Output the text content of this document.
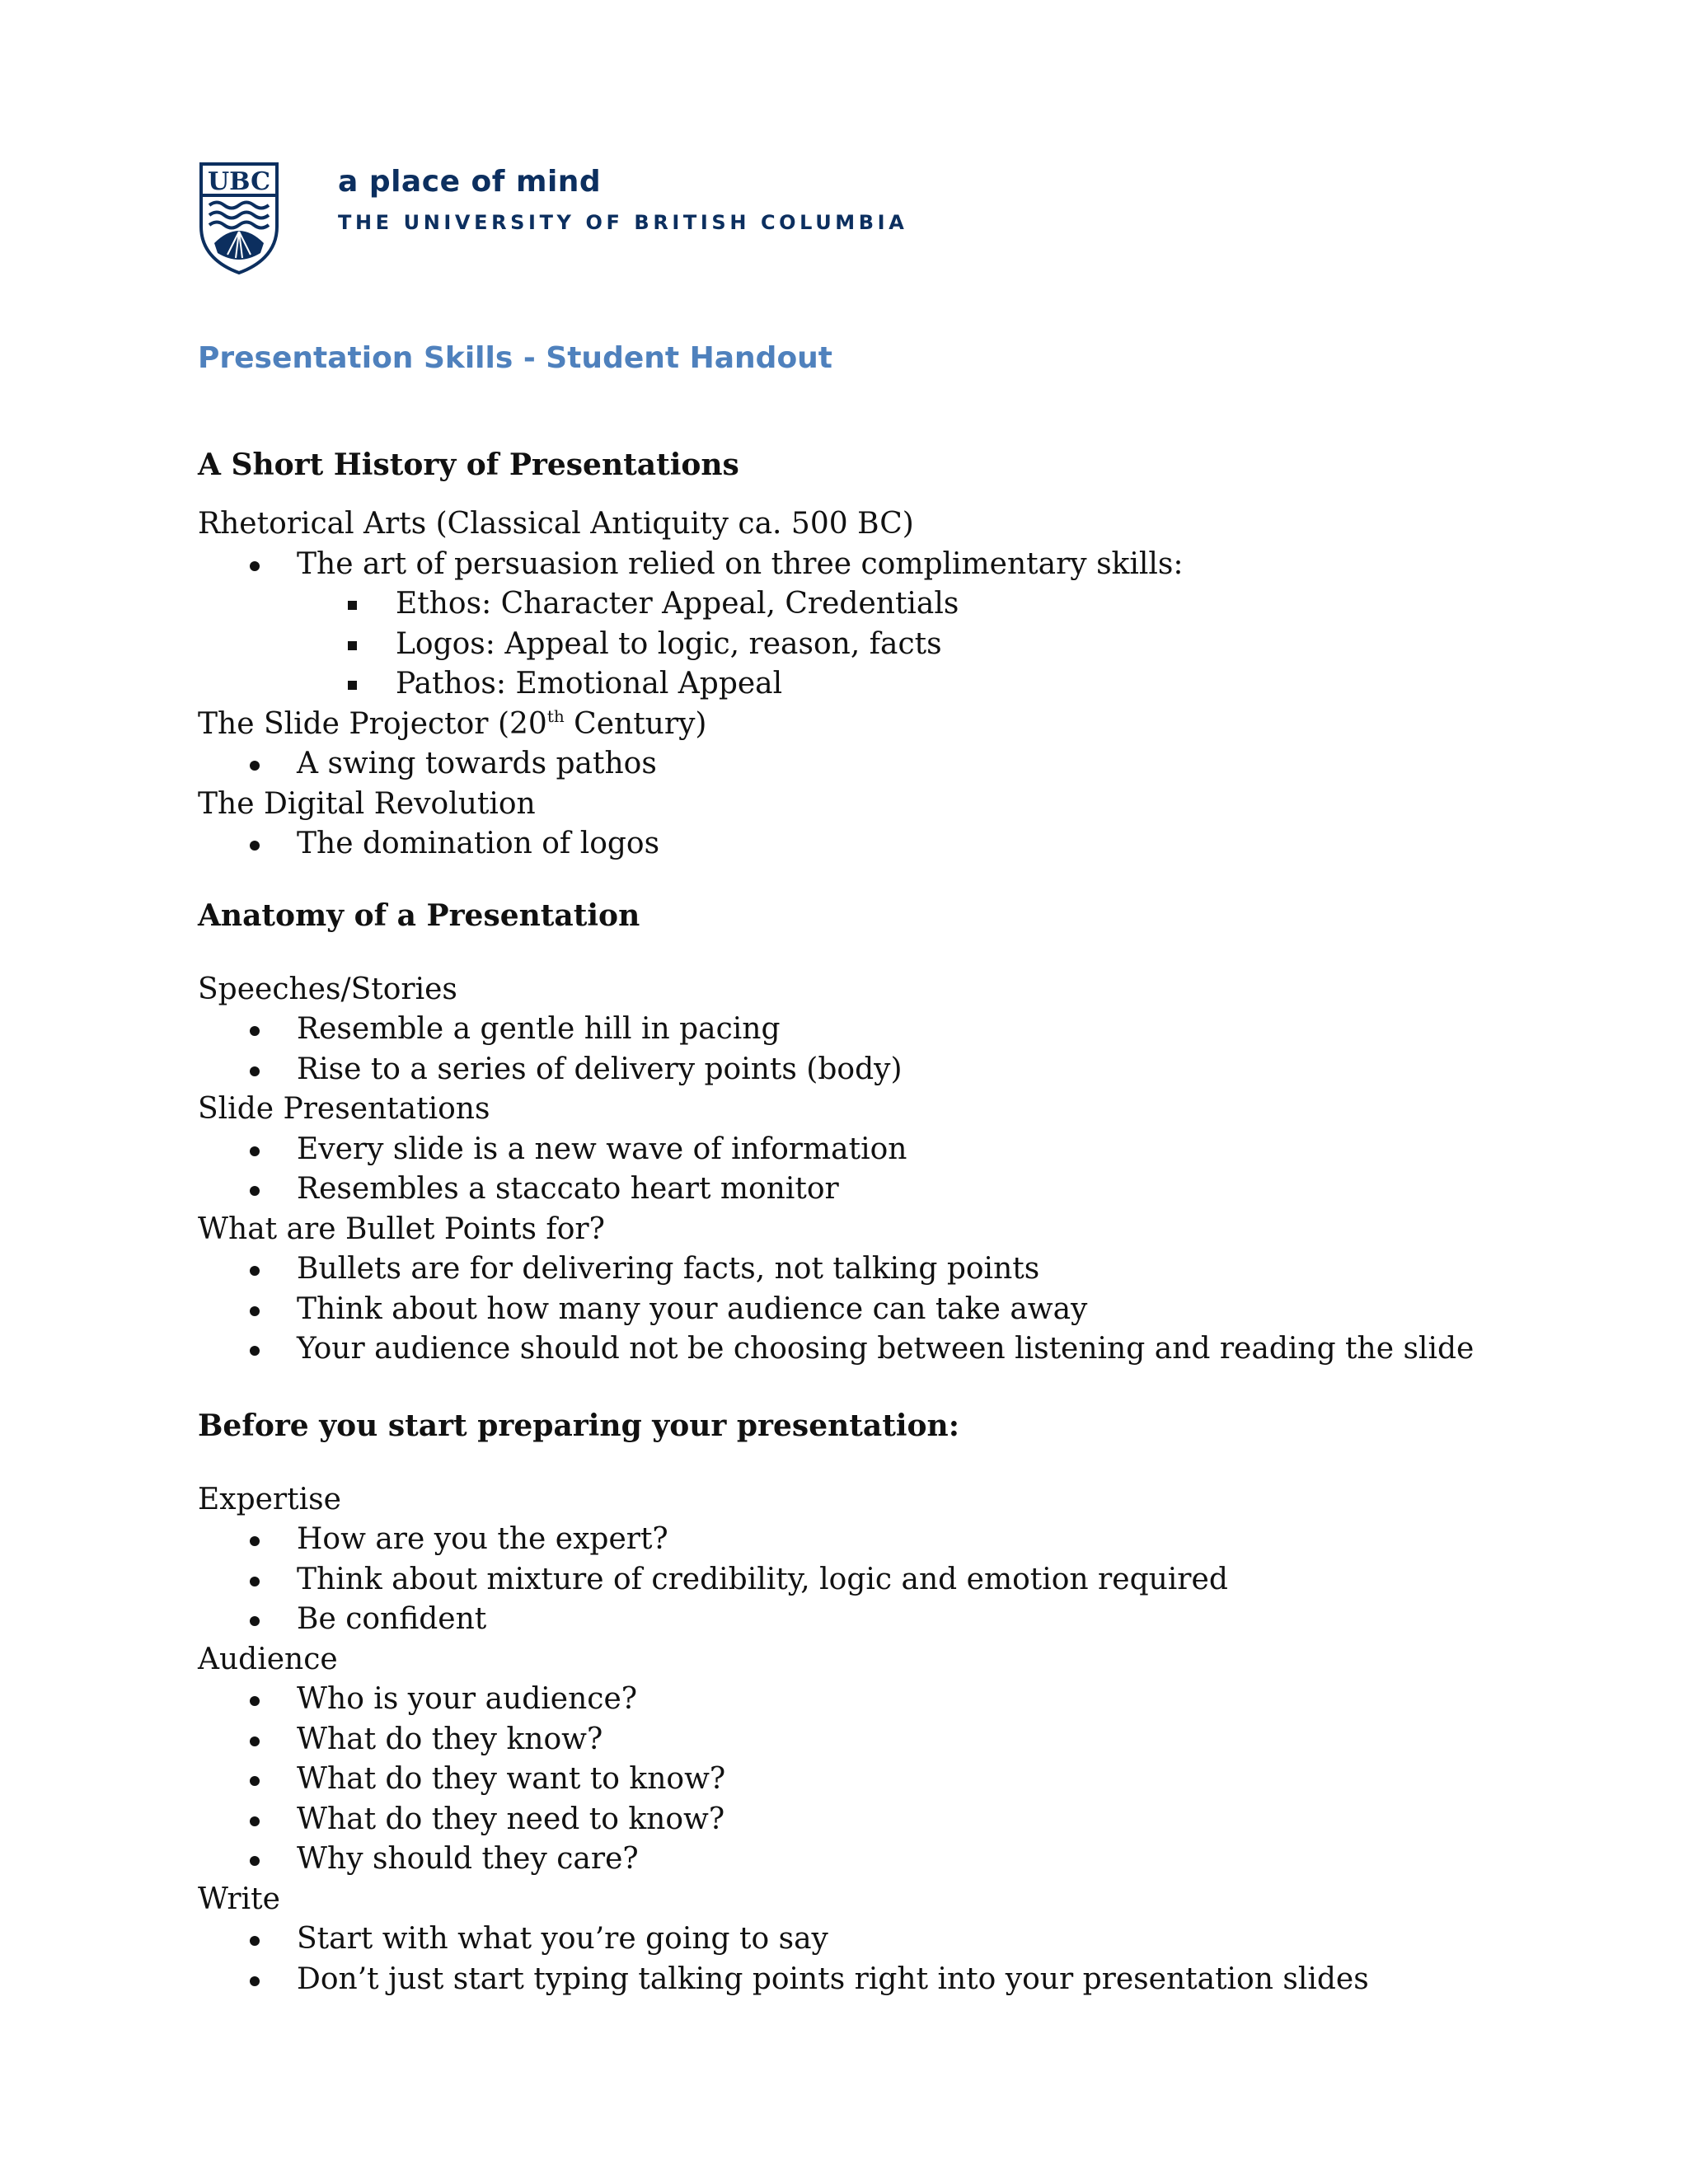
UBC a place of mind
THE UNIVERSITY OF BRITISH COLUMBIA
Presentation Skills - Student Handout

A Short History of Presentations

Rhetorical Arts (Classical Antiquity ca. 500 BC)

The art of persuasion relied on three complimentary skills:

Ethos: Character Appeal, Credentials

Logos: Appeal to logic, reason, facts

Pathos: Emotional Appeal

The Slide Projector (20th Century)

A swing towards pathos

The Digital Revolution

The domination of logos

Anatomy of a Presentation

Speeches/Stories

Resemble a gentle hill in pacing

Rise to a series of delivery points (body)

Slide Presentations

Every slide is a new wave of information

Resembles a staccato heart monitor

What are Bullet Points for?

Bullets are for delivering facts, not talking points

Think about how many your audience can take away

Your audience should not be choosing between listening and reading the slide

Before you start preparing your presentation:

Expertise

How are you the expert?

Think about mixture of credibility, logic and emotion required

Be confident

Audience

Who is your audience?

What do they know?

What do they want to know?

What do they need to know?

Why should they care?

Write

Start with what you’re going to say

Don’t just start typing talking points right into your presentation slides
